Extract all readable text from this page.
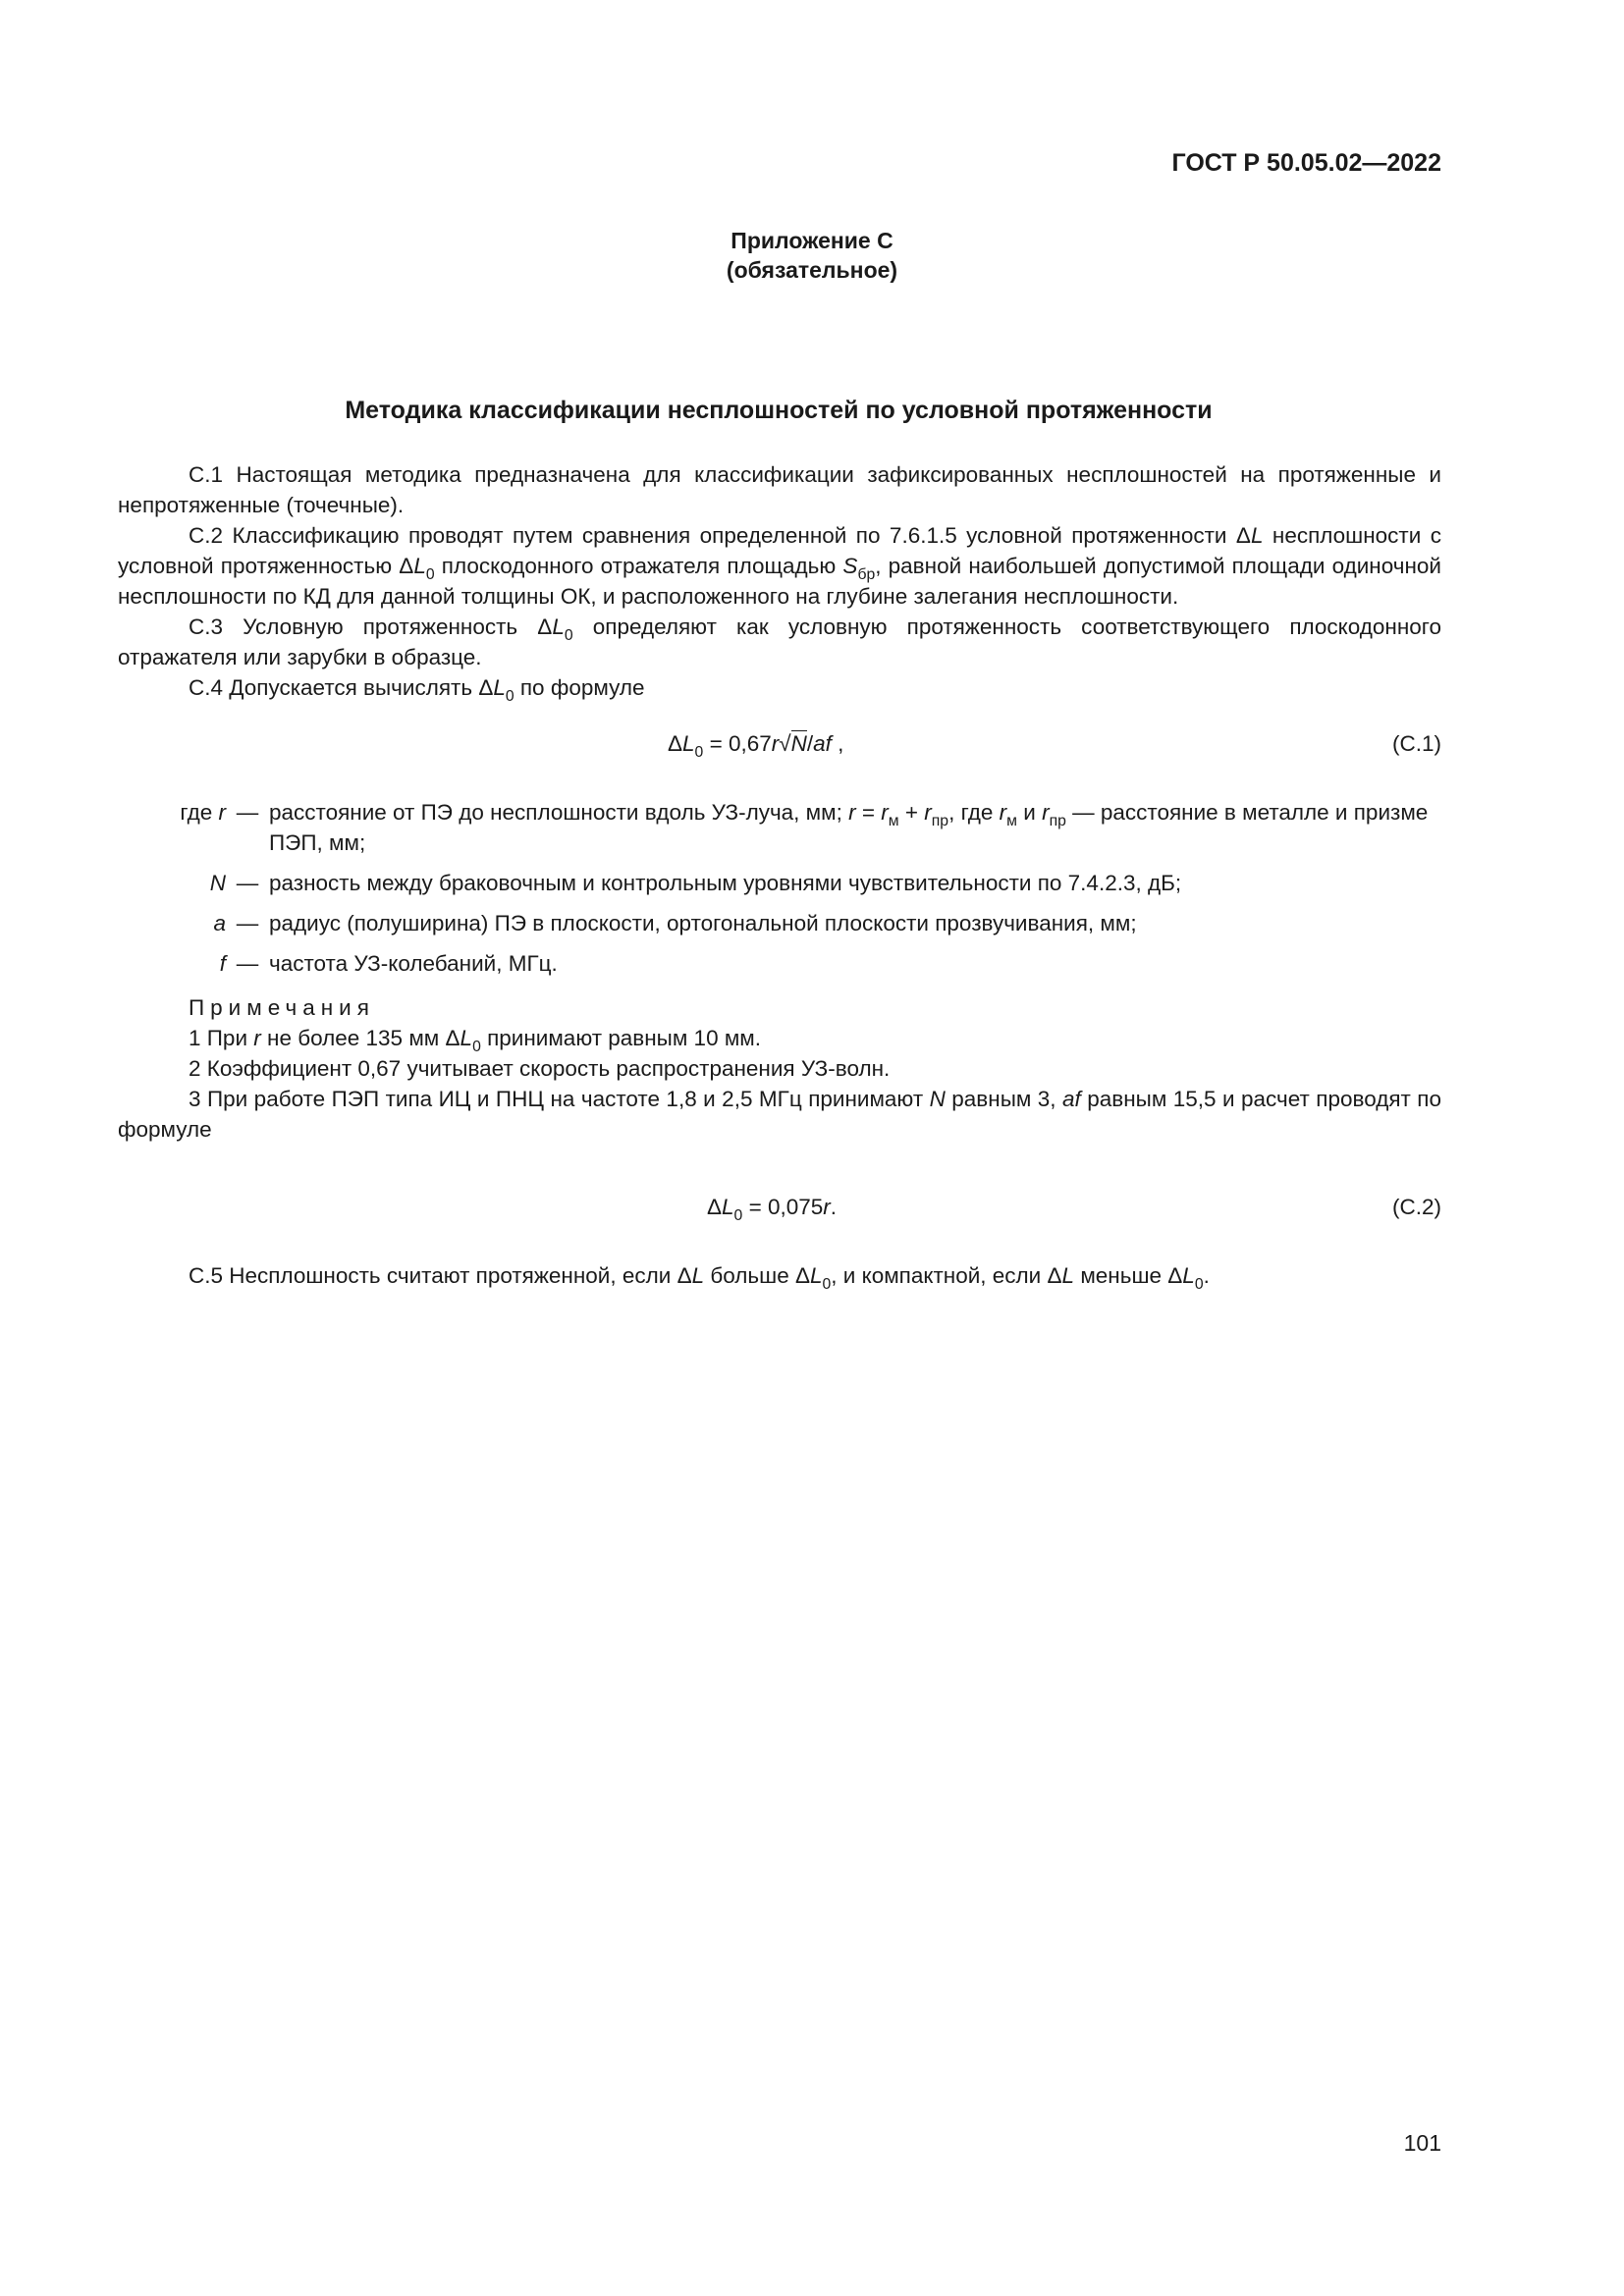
ГОСТ Р 50.05.02—2022
Приложение С
(обязательное)
Методика классификации несплошностей по условной протяженности

С.1 Настоящая методика предназначена для классификации зафиксированных несплошностей на протяженные и непротяженные (точечные).

С.2 Классификацию проводят путем сравнения определенной по 7.6.1.5 условной протяженности ΔL несплошности с условной протяженностью $\Delta L_0$ плоскодонного отражателя площадью $S_{бр}$, равной наибольшей допустимой площади одиночной несплошности по КД для данной толщины ОК, и расположенного на глубине залегания несплошности.

С.3 Условную протяженность $\Delta L_0$ определяют как условную протяженность соответствующего плоскодонного отражателя или зарубки в образце.

С.4 Допускается вычислять $\Delta L_0$ по формуле

$\Delta L_0 = 0,67r√N/af$ ,	(С.1)
где r — расстояние от ПЭ до несплошности вдоль УЗ-луча, мм; $r = r_м + r_{пр}$, где $r_м$ и $r_{пр}$ — расстояние в металле и призме ПЭП, мм;
N — разность между браковочным и контрольным уровнями чувствительности по 7.4.2.3, дБ;
a — радиус (полуширина) ПЭ в плоскости, ортогональной плоскости прозвучивания, мм;
f — частота УЗ-колебаний, МГц.

Примечания

1 При r не более 135 мм $\Delta L_0$ принимают равным 10 мм.

2 Коэффициент 0,67 учитывает скорость распространения УЗ-волн.

3 При работе ПЭП типа ИЦ и ПНЦ на частоте 1,8 и 2,5 МГц принимают N равным 3, af равным 15,5 и расчет проводят по формуле

$\Delta L_0 = 0,075r$.	(С.2)

С.5 Несплошность считают протяженной, если ΔL больше $\Delta L_0$, и компактной, если ΔL меньше $\Delta L_0$.

101
